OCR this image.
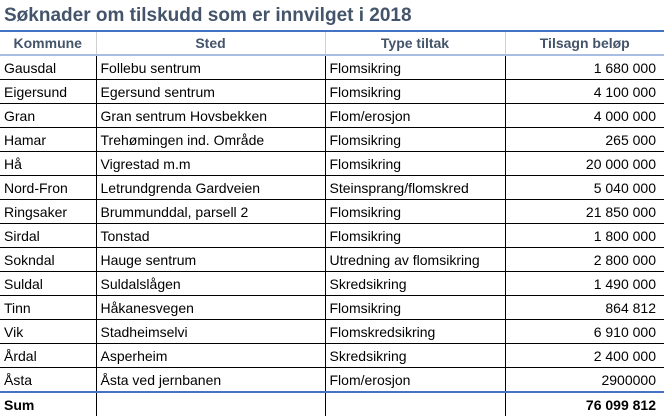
Søknader om tilskudd som er innvilget i 2018
Kommune	Sted	Type tiltak	Tilsagn beløp
Gausdal	Follebu sentrum	Flomsikring	1 680 000
Eigersund	Egersund sentrum	Flomsikring	4 100 000
Gran	Gran sentrum Hovsbekken	Flom/erosjon	4 000 000
Hamar	Trehømingen ind. Område	Flomsikring	265 000
Hå	Vigrestad m.m	Flomsikring	20 000 000
Nord-Fron	Letrundgrenda Gardveien	Steinsprang/flomskred	5 040 000
Ringsaker	Brummunddal, parsell 2	Flomsikring	21 850 000
Sirdal	Tonstad	Flomsikring	1 800 000
Sokndal	Hauge sentrum	Utredning av flomsikring	2 800 000
Suldal	Suldalslågen	Skredsikring	1 490 000
Tinn	Håkanesvegen	Flomsikring	864 812
Vik	Stadheimselvi	Flomskredsikring	6 910 000
Årdal	Asperheim	Skredsikring	2 400 000
Åsta	Åsta ved jernbanen	Flom/erosjon	2900000
Sum			76 099 812
